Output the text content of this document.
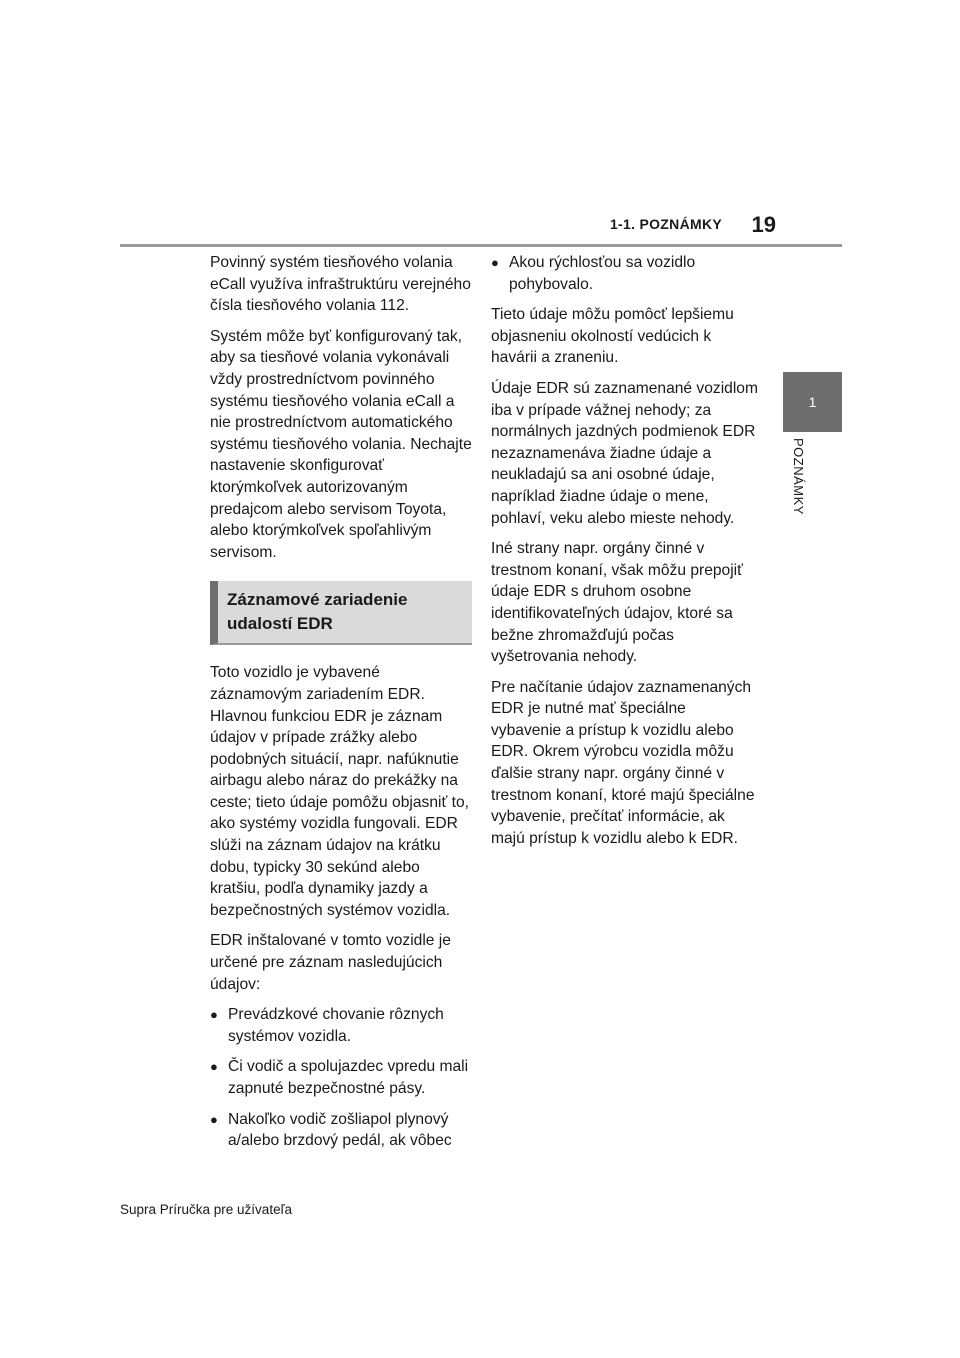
1-1. POZNÁMKY	19
1
POZNÁMKY

Povinný systém tiesňového volania eCall využíva infraštruktúru verejného čísla tiesňového volania 112.

Systém môže byť konfigurovaný tak, aby sa tiesňové volania vykonávali vždy prostredníctvom povinného systému tiesňového volania eCall a nie prostredníctvom automatického systému tiesňového volania. Nechajte nastavenie skonfigurovať ktorýmkoľvek autorizovaným predajcom alebo servisom Toyota, alebo ktorýmkoľvek spoľahlivým servisom.

Záznamové zariadenie udalostí EDR

Toto vozidlo je vybavené záznamovým zariadením EDR. Hlavnou funkciou EDR je záznam údajov v prípade zrážky alebo podobných situácií, napr. nafúknutie airbagu alebo náraz do prekážky na ceste; tieto údaje pomôžu objasniť to, ako systémy vozidla fungovali. EDR slúži na záznam údajov na krátku dobu, typicky 30 sekúnd alebo kratšiu, podľa dynamiky jazdy a bezpečnostných systémov vozidla.

EDR inštalované v tomto vozidle je určené pre záznam nasledujúcich údajov:

● Prevádzkové chovanie rôznych systémov vozidla.
● Či vodič a spolujazdec vpredu mali zapnuté bezpečnostné pásy.
● Nakoľko vodič zošliapol plynový a/alebo brzdový pedál, ak vôbec
● Akou rýchlosťou sa vozidlo pohybovalo.

Tieto údaje môžu pomôcť lepšiemu objasneniu okolností vedúcich k havárii a zraneniu.

Údaje EDR sú zaznamenané vozidlom iba v prípade vážnej nehody; za normálnych jazdných podmienok EDR nezaznamenáva žiadne údaje a neukladajú sa ani osobné údaje, napríklad žiadne údaje o mene, pohlaví, veku alebo mieste nehody.

Iné strany napr. orgány činné v trestnom konaní, však môžu prepojiť údaje EDR s druhom osobne identifikovateľných údajov, ktoré sa bežne zhromažďujú počas vyšetrovania nehody.

Pre načítanie údajov zaznamenaných EDR je nutné mať špeciálne vybavenie a prístup k vozidlu alebo EDR. Okrem výrobcu vozidla môžu ďalšie strany napr. orgány činné v trestnom konaní, ktoré majú špeciálne vybavenie, prečítať informácie, ak majú prístup k vozidlu alebo k EDR.

Supra Príručka pre užívateľa
